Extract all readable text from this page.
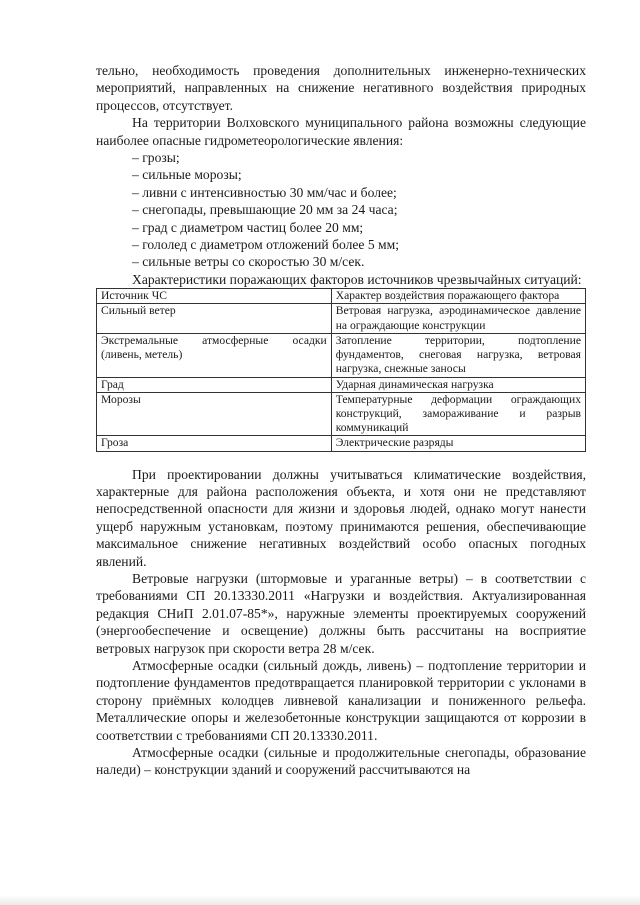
тельно, необходимость проведения дополнительных инженерно-технических мероприятий, направленных на снижение негативного воздействия природных процессов, отсутствует.

На территории Волховского муниципального района возможны следующие наиболее опасные гидрометеорологические явления:

– грозы;
– сильные морозы;
– ливни с интенсивностью 30 мм/час и более;
– снегопады, превышающие 20 мм за 24 часа;
– град с диаметром частиц более 20 мм;
– гололед с диаметром отложений более 5 мм;
– сильные ветры со скоростью 30 м/сек.

Характеристики поражающих факторов источников чрезвычайных ситуаций:

Источник ЧС	Характер воздействия поражающего фактора
Сильный ветер	Ветровая нагрузка, аэродинамическое давление на ограждающие конструкции
Экстремальные атмосферные осадки (ливень, метель)	Затопление территории, подтопление фундаментов, снеговая нагрузка, ветровая нагрузка, снежные заносы
Град	Ударная динамическая нагрузка
Морозы	Температурные деформации ограждающих конструкций, замораживание и разрыв коммуникаций
Гроза	Электрические разряды

При проектировании должны учитываться климатические воздействия, характерные для района расположения объекта, и хотя они не представляют непосредственной опасности для жизни и здоровья людей, однако могут нанести ущерб наружным установкам, поэтому принимаются решения, обеспечивающие максимальное снижение негативных воздействий особо опасных погодных явлений.

Ветровые нагрузки (штормовые и ураганные ветры) – в соответствии с требованиями СП 20.13330.2011 «Нагрузки и воздействия. Актуализированная редакция СНиП 2.01.07-85*», наружные элементы проектируемых сооружений (энергообеспечение и освещение) должны быть рассчитаны на восприятие ветровых нагрузок при скорости ветра 28 м/сек.

Атмосферные осадки (сильный дождь, ливень) – подтопление территории и подтопление фундаментов предотвращается планировкой территории с уклонами в сторону приёмных колодцев ливневой канализации и пониженного рельефа. Металлические опоры и железобетонные конструкции защищаются от коррозии в соответствии с требованиями СП 20.13330.2011.

Атмосферные осадки (сильные и продолжительные снегопады, образование наледи) – конструкции зданий и сооружений рассчитываются на
